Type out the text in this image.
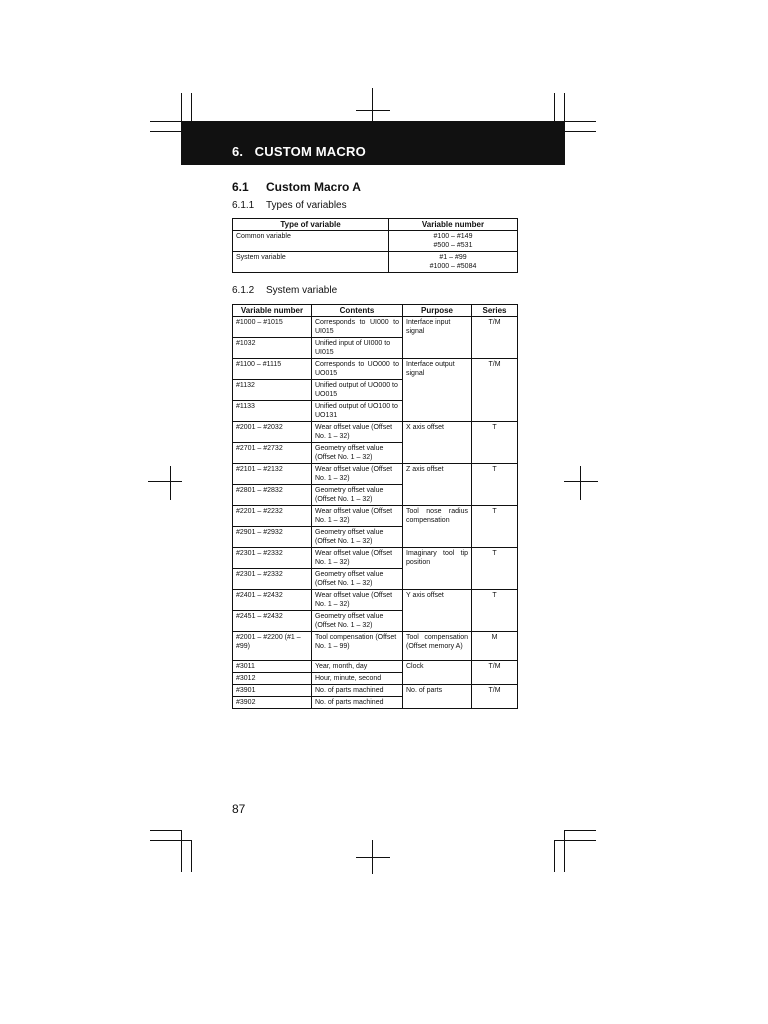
6.   CUSTOM MACRO
6.1 Custom Macro A
6.1.1 Types of variables
Type of variable	Variable number
Common variable	#100 – #149
#500 – #531

System variable	#1 – #99
#1000 – #5084
6.1.2 System variable
Variable number	Contents	Purpose	Series
#1000 – #1015	Corresponds to UI000 to UI015	Interface input signal	T/M
#1032	Unified input of UI000 to UI015		
#1100 – #1115	Corresponds to UO000 to UO015	Interface output signal	T/M
#1132	Unified output of UO000 to UO015		
#1133	Unified output of UO100 to UO131		
#2001 – #2032	Wear offset value (Offset No. 1 – 32)	X axis offset	T
#2701 – #2732	Geometry offset value (Offset No. 1 – 32)		
#2101 – #2132	Wear offset value (Offset No. 1 – 32)	Z axis offset	T
#2801 – #2832	Geometry offset value (Offset No. 1 – 32)		
#2201 – #2232	Wear offset value (Offset No. 1 – 32)	Tool nose radius compensation	T
#2901 – #2932	Geometry offset value (Offset No. 1 – 32)		
#2301 – #2332	Wear offset value (Offset No. 1 – 32)	Imaginary tool tip position	T
#2301 – #2332	Geometry offset value (Offset No. 1 – 32)		
#2401 – #2432	Wear offset value (Offset No. 1 – 32)	Y axis offset	T
#2451 – #2432	Geometry offset value (Offset No. 1 – 32)		
#2001 – #2200 (#1 – #99)	Tool compensation (Offset No. 1 – 99)	Tool compensation (Offset memory A)	M
#3011	Year, month, day	Clock	T/M
#3012	Hour, minute, second		
#3901	No. of parts machined	No. of parts	T/M
#3902	No. of parts machined		
87
